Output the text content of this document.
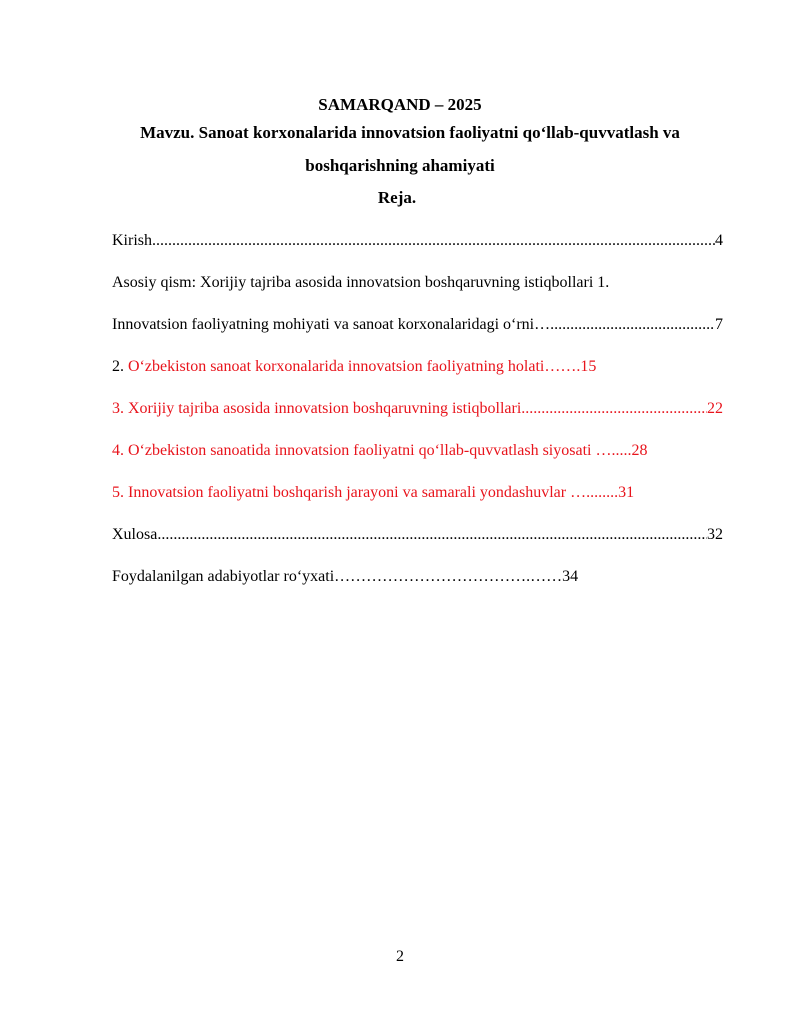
SAMARQAND – 2025
Mavzu. Sanoat korxonalarida innovatsion faoliyatni qo‘llab-quvvatlash va
boshqarishning ahamiyati
Reja.
Kirish .....	4
Asosiy qism: Xorijiy tajriba asosida innovatsion boshqaruvning istiqbollari 1.
Innovatsion faoliyatning mohiyati va sanoat korxonalaridagi o‘rni… .....	7
2. O‘zbekiston sanoat korxonalarida innovatsion faoliyatning holati…….15
3. Xorijiy tajriba asosida innovatsion boshqaruvning istiqbollari .....	22
4. O‘zbekiston sanoatida innovatsion faoliyatni qo‘llab-quvvatlash siyosati ….....28
5. Innovatsion faoliyatni boshqarish jarayoni va samarali yondashuvlar …........31
Xulosa .....	32
Foydalanilgan adabiyotlar ro‘yxati……………………………….……34
2
